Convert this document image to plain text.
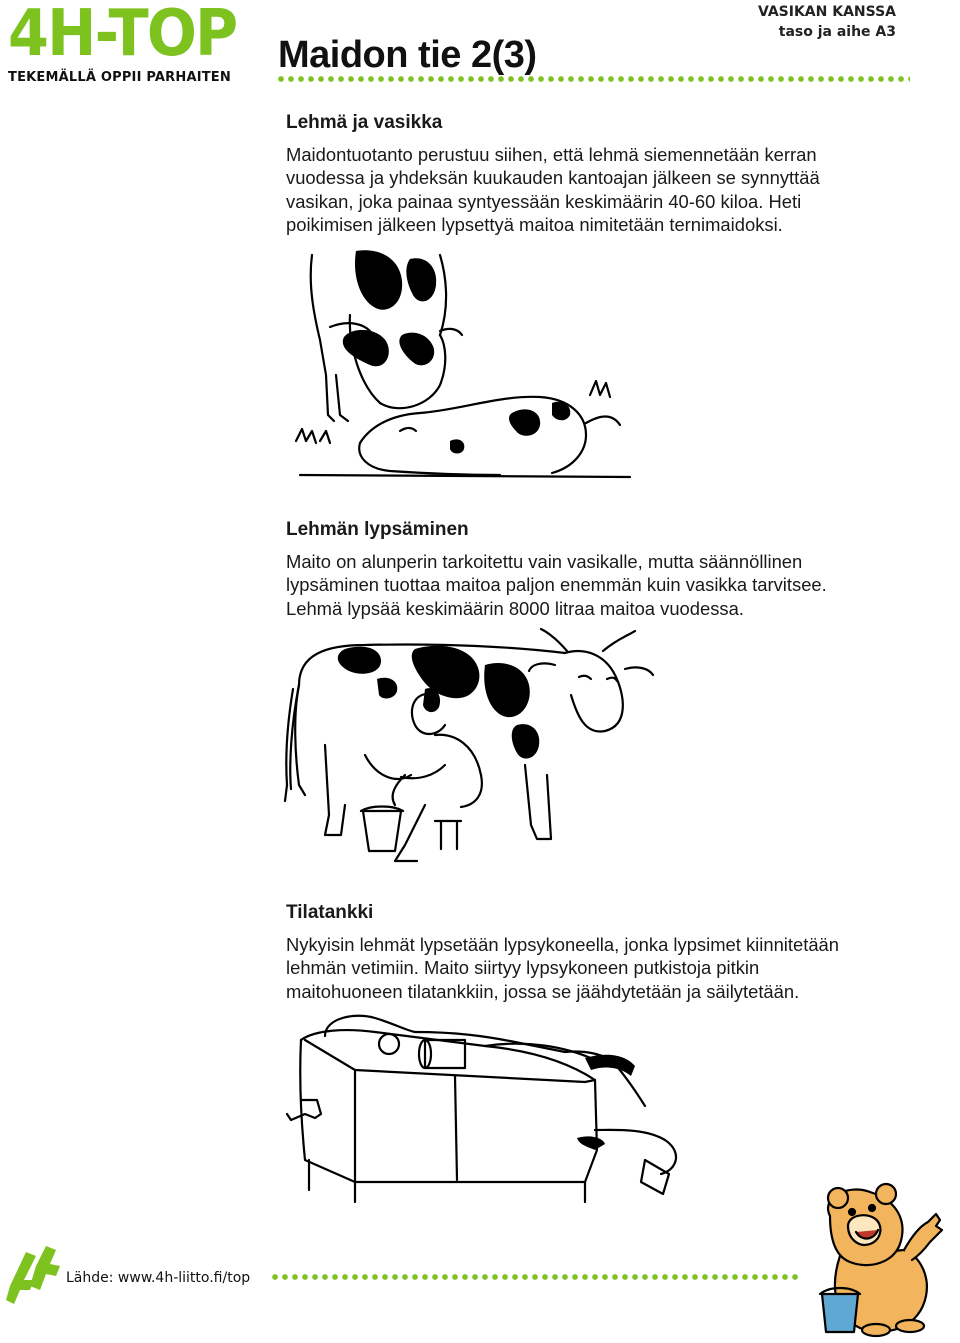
4H-TOP
TEKEMÄLLÄ OPPII PARHAITEN
Maidon tie 2(3)
VASIKAN KANSSA
taso ja aihe A3
Lehmä ja vasikka
Maidontuotanto perustuu siihen, että lehmä siemennetään kerran
vuodessa ja yhdeksän kuukauden kantoajan jälkeen se synnyttää
vasikan, joka painaa syntyessään keskimäärin 40-60 kiloa. Heti
poikimisen jälkeen lypsettyä maitoa nimitetään ternimaidoksi.
Lehmän lypsäminen
Maito on alunperin tarkoitettu vain vasikalle, mutta säännöllinen
lypsäminen tuottaa maitoa paljon enemmän kuin vasikka tarvitsee.
Lehmä lypsää keskimäärin 8000 litraa maitoa vuodessa.
Tilatankki
Nykyisin lehmät lypsetään lypsykoneella, jonka lypsimet kiinnitetään
lehmän vetimiin. Maito siirtyy lypsykoneen putkistoja pitkin
maitohuoneen tilatankkiin, jossa se jäähdytetään ja säilytetään.
Lähde: www.4h-liitto.fi/top
